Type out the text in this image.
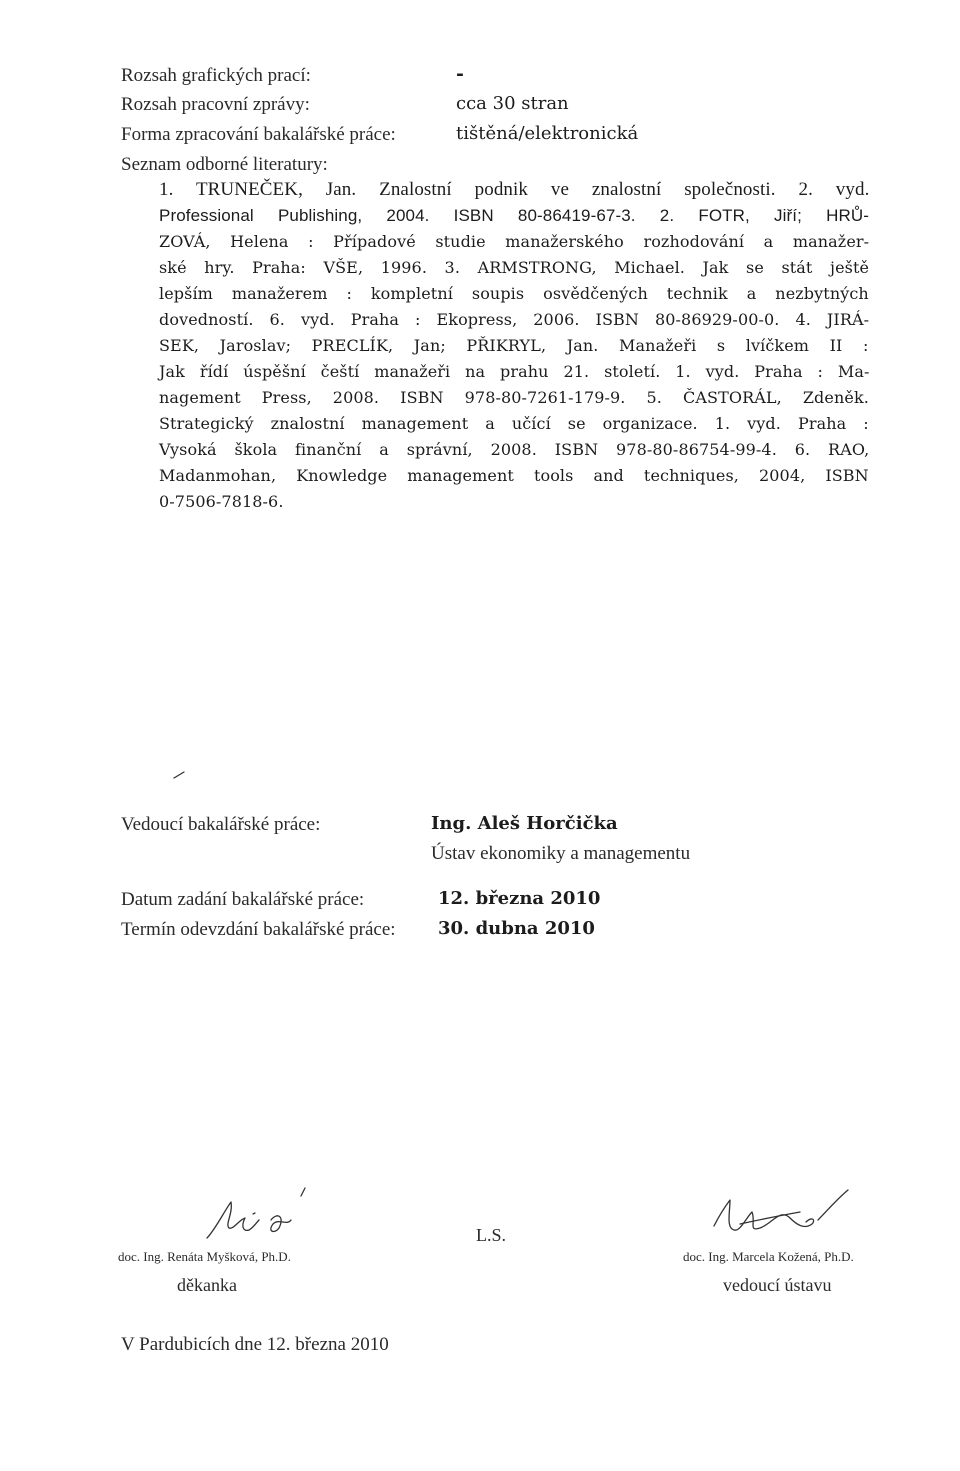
Rozsah grafických prací:	-
Rozsah pracovní zprávy:	cca 30 stran
Forma zpracování bakalářské práce:	tištěná/elektronická
Seznam odborné literatury:
1. TRUNEČEK, Jan. Znalostní podnik ve znalostní společnosti. 2. vyd.
Professional Publishing, 2004. ISBN 80-86419-67-3. 2. FOTR, Jiří; HRŮ-
ZOVÁ, Helena : Případové studie manažerského rozhodování a manažer-
ské hry. Praha: VŠE, 1996. 3. ARMSTRONG, Michael. Jak se stát ještě
lepším manažerem : kompletní soupis osvědčených technik a nezbytných
dovedností. 6. vyd. Praha : Ekopress, 2006. ISBN 80-86929-00-0. 4. JIRÁ-
SEK, Jaroslav; PRECLÍK, Jan; PŘIKRYL, Jan. Manažeři s lvíčkem II :
Jak řídí úspěšní čeští manažeři na prahu 21. století. 1. vyd. Praha : Ma-
nagement Press, 2008. ISBN 978-80-7261-179-9. 5. ČASTORÁL, Zdeněk.
Strategický znalostní management a učící se organizace. 1. vyd. Praha :
Vysoká škola finanční a správní, 2008. ISBN 978-80-86754-99-4. 6. RAO,
Madanmohan, Knowledge management tools and techniques, 2004, ISBN
0-7506-7818-6.
Vedoucí bakalářské práce:	Ing. Aleš Horčička
Ústav ekonomiky a managementu
Datum zadání bakalářské práce:	12. března 2010
Termín odevzdání bakalářské práce: 30. dubna 2010
L.S.
doc. Ing. Renáta Myšková, Ph.D.
děkanka
doc. Ing. Marcela Kožená, Ph.D.
vedoucí ústavu
V Pardubicích dne 12. března 2010
